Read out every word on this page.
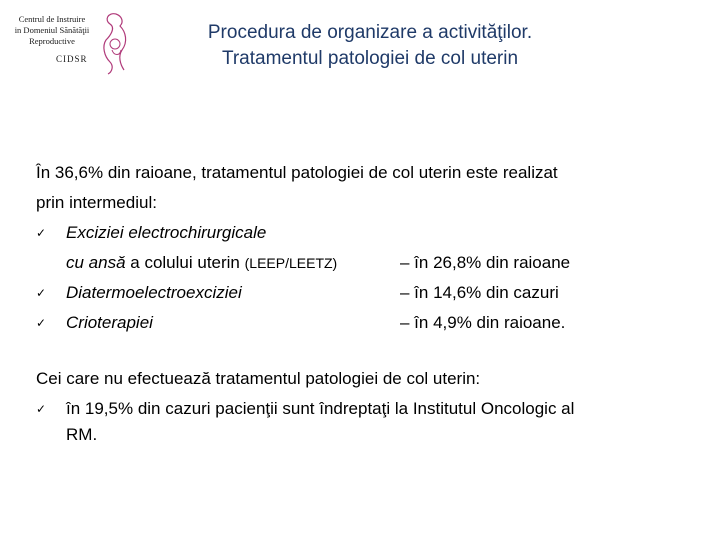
Centrul de Instruire
in Domeniul Sănătăţii
Reproductive
CIDSR
Procedura de organizare a activităţilor.
Tratamentul patologiei de col uterin
În 36,6% din raioane, tratamentul patologiei de col uterin este realizat
prin intermediul:
✓	Exciziei electrochirurgicale
cu ansă a colului uterin (LEEP/LEETZ)	– în 26,8% din raioane
✓	Diatermoelectroexciziei	– în 14,6% din cazuri
✓	Crioterapiei	– în 4,9% din raioane.
Cei care nu efectuează tratamentul patologiei de col uterin:
✓	în 19,5% din cazuri pacienţii sunt îndreptaţi la Institutul Oncologic al
RM.
